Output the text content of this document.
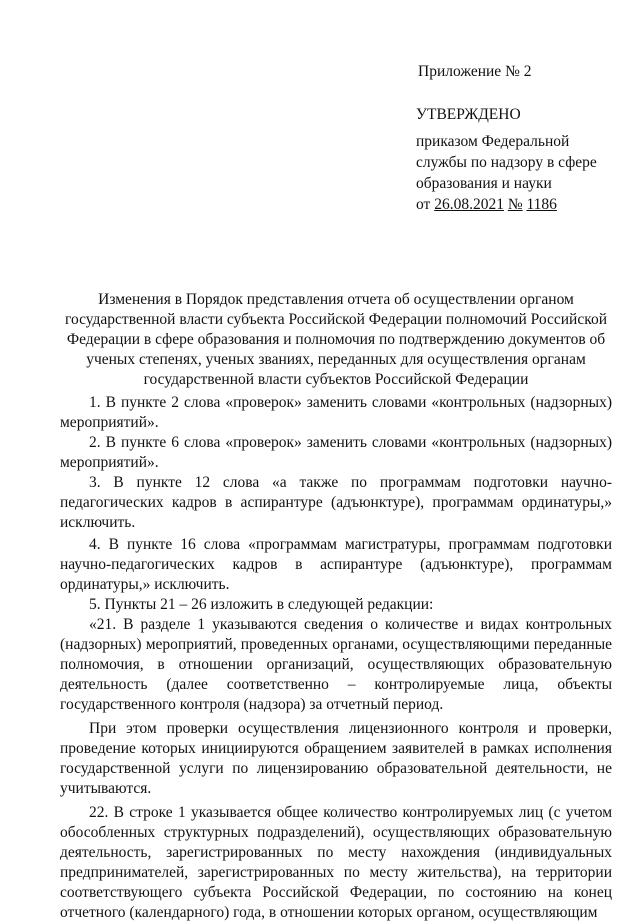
Приложение № 2
УТВЕРЖДЕНО
приказом Федеральной
службы по надзору в сфере
образования и науки
от 26.08.2021 № 1186
Изменения в Порядок представления отчета об осуществлении органом
государственной власти субъекта Российской Федерации полномочий Российской
Федерации в сфере образования и полномочия по подтверждению документов об
ученых степенях, ученых званиях, переданных для осуществления органам
государственной власти субъектов Российской Федерации

1. В пункте 2 слова «проверок» заменить словами «контрольных (надзорных) мероприятий».

2. В пункте 6 слова «проверок» заменить словами «контрольных (надзорных) мероприятий».

3. В пункте 12 слова «а также по программам подготовки научно-педагогических кадров в аспирантуре (адъюнктуре), программам ординатуры,» исключить.

4. В пункте 16 слова «программам магистратуры, программам подготовки научно-педагогических кадров в аспирантуре (адъюнктуре), программам ординатуры,» исключить.

5. Пункты 21 – 26 изложить в следующей редакции:

«21. В разделе 1 указываются сведения о количестве и видах контрольных (надзорных) мероприятий, проведенных органами, осуществляющими переданные полномочия, в отношении организаций, осуществляющих образовательную деятельность (далее соответственно – контролируемые лица, объекты государственного контроля (надзора) за отчетный период.

При этом проверки осуществления лицензионного контроля и проверки, проведение которых инициируются обращением заявителей в рамках исполнения государственной услуги по лицензированию образовательной деятельности, не учитываются.

22. В строке 1 указывается общее количество контролируемых лиц (с учетом обособленных структурных подразделений), осуществляющих образовательную деятельность, зарегистрированных по месту нахождения (индивидуальных предпринимателей, зарегистрированных по месту жительства), на территории соответствующего субъекта Российской Федерации, по состоянию на конец отчетного (календарного) года, в отношении которых органом, осуществляющим
